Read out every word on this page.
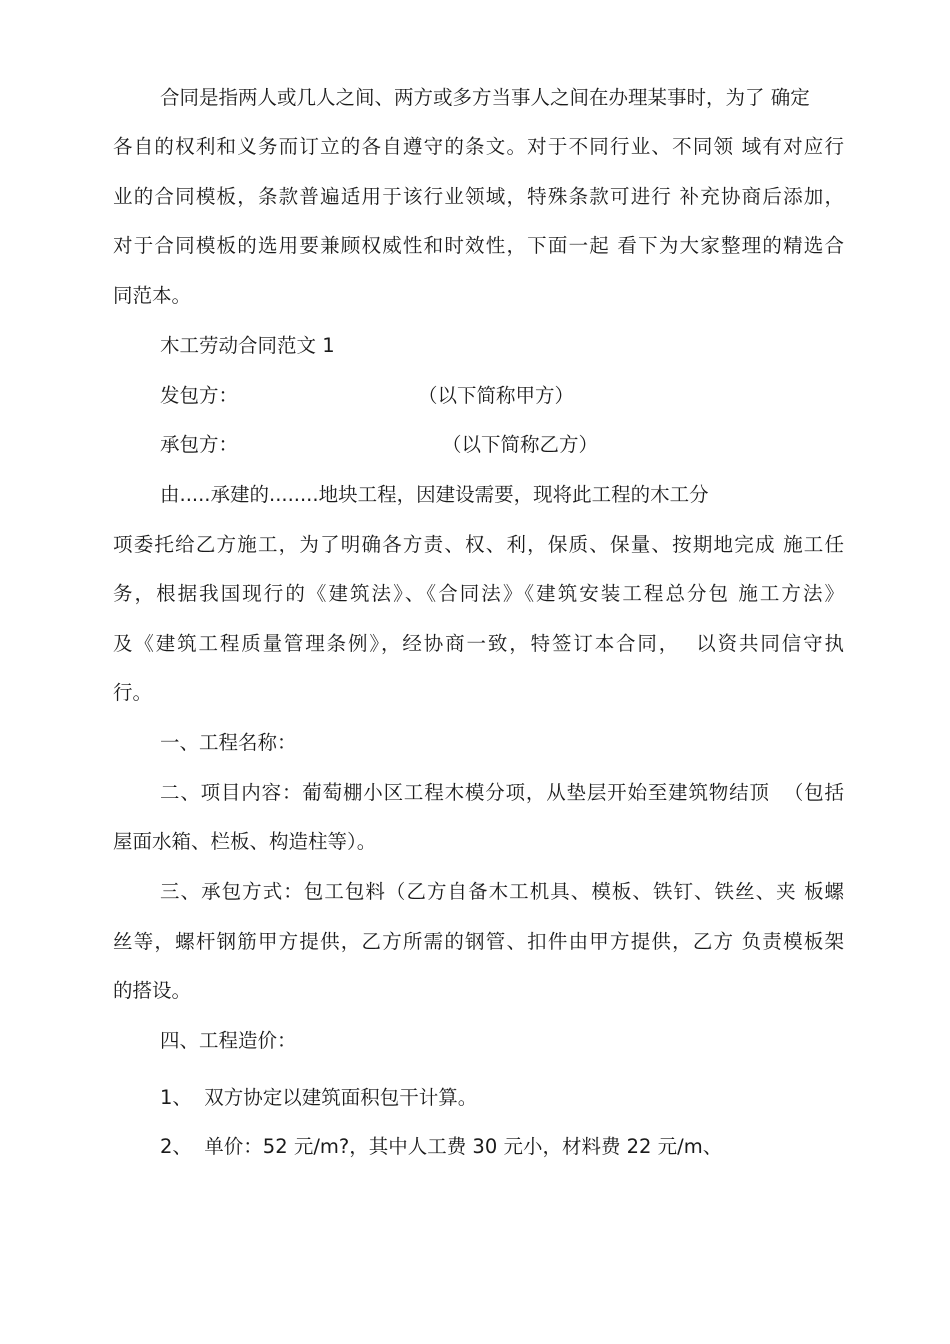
合同是指两人或几人之间、两方或多方当事人之间在办理某事时，为了 确定

各自的权利和义务而订立的各自遵守的条文。对于不同行业、不同领 域有对应行

业的合同模板，条款普遍适用于该行业领域，特殊条款可进行 补充协商后添加，

对于合同模板的选用要兼顾权威性和时效性，下面一起 看下为大家整理的精选合

同范本。

木工劳动合同范文 1

发包方：	（以下简称甲方）
承包方：	（以下简称乙方）

由.....承建的........地块工程，因建设需要，现将此工程的木工分

项委托给乙方施工，为了明确各方责、权、利，保质、保量、按期地完成 施工任

务，根据我国现行的《建筑法》、《合同法》《建筑安装工程总分包 施工方法》

及《建筑工程质量管理条例》，经协商一致，特签订本合同，  以资共同信守执

行。

一、工程名称：

二、项目内容：葡萄棚小区工程木模分项，从垫层开始至建筑物结顶  （包括

屋面水箱、栏板、构造柱等）。

三、承包方式：包工包料（乙方自备木工机具、模板、铁钉、铁丝、夹 板螺

丝等，螺杆钢筋甲方提供，乙方所需的钢管、扣件由甲方提供，乙方 负责模板架

的搭设。

四、工程造价：

1、  双方协定以建筑面积包干计算。

2、  单价：52 元/m?，其中人工费 30 元小，材料费 22 元/m、
